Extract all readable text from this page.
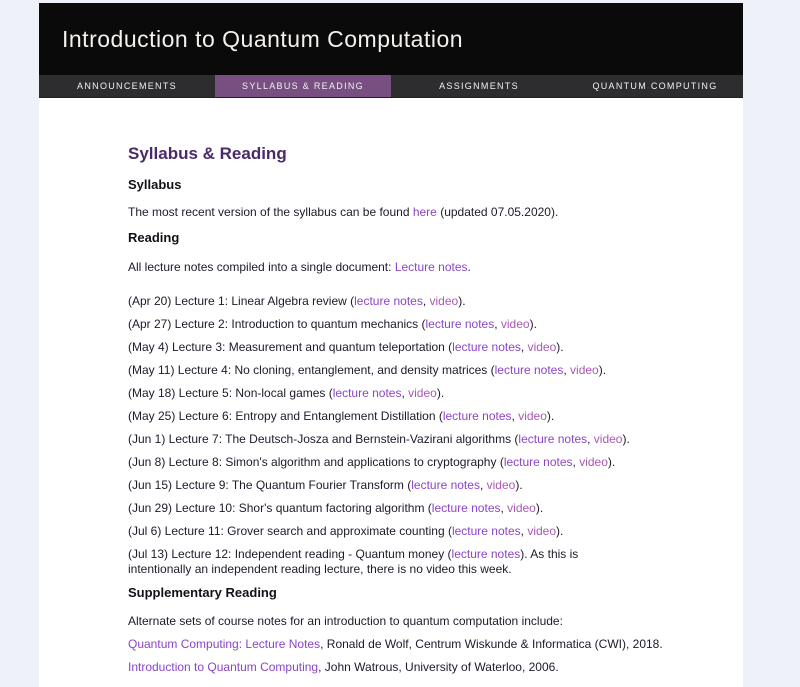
Introduction to Quantum Computation
ANNOUNCEMENTS	SYLLABUS & READING	ASSIGNMENTS	QUANTUM COMPUTING
Syllabus & Reading
Syllabus

The most recent version of the syllabus can be found here (updated 07.05.2020).

Reading

All lecture notes compiled into a single document: Lecture notes.

(Apr 20) Lecture 1: Linear Algebra review (lecture notes, video).

(Apr 27) Lecture 2: Introduction to quantum mechanics (lecture notes, video).

(May 4) Lecture 3: Measurement and quantum teleportation (lecture notes, video).

(May 11) Lecture 4: No cloning, entanglement, and density matrices (lecture notes, video).

(May 18) Lecture 5: Non-local games (lecture notes, video).

(May 25) Lecture 6: Entropy and Entanglement Distillation (lecture notes, video).

(Jun 1) Lecture 7: The Deutsch-Josza and Bernstein-Vazirani algorithms (lecture notes, video).

(Jun 8) Lecture 8: Simon's algorithm and applications to cryptography (lecture notes, video).

(Jun 15) Lecture 9: The Quantum Fourier Transform (lecture notes, video).

(Jun 29) Lecture 10: Shor's quantum factoring algorithm (lecture notes, video).

(Jul 6) Lecture 11: Grover search and approximate counting (lecture notes, video).

(Jul 13) Lecture 12: Independent reading - Quantum money (lecture notes). As this is intentionally an independent reading lecture, there is no video this week.

Supplementary Reading

Alternate sets of course notes for an introduction to quantum computation include:

Quantum Computing: Lecture Notes, Ronald de Wolf, Centrum Wiskunde & Informatica (CWI), 2018.

Introduction to Quantum Computing, John Watrous, University of Waterloo, 2006.
